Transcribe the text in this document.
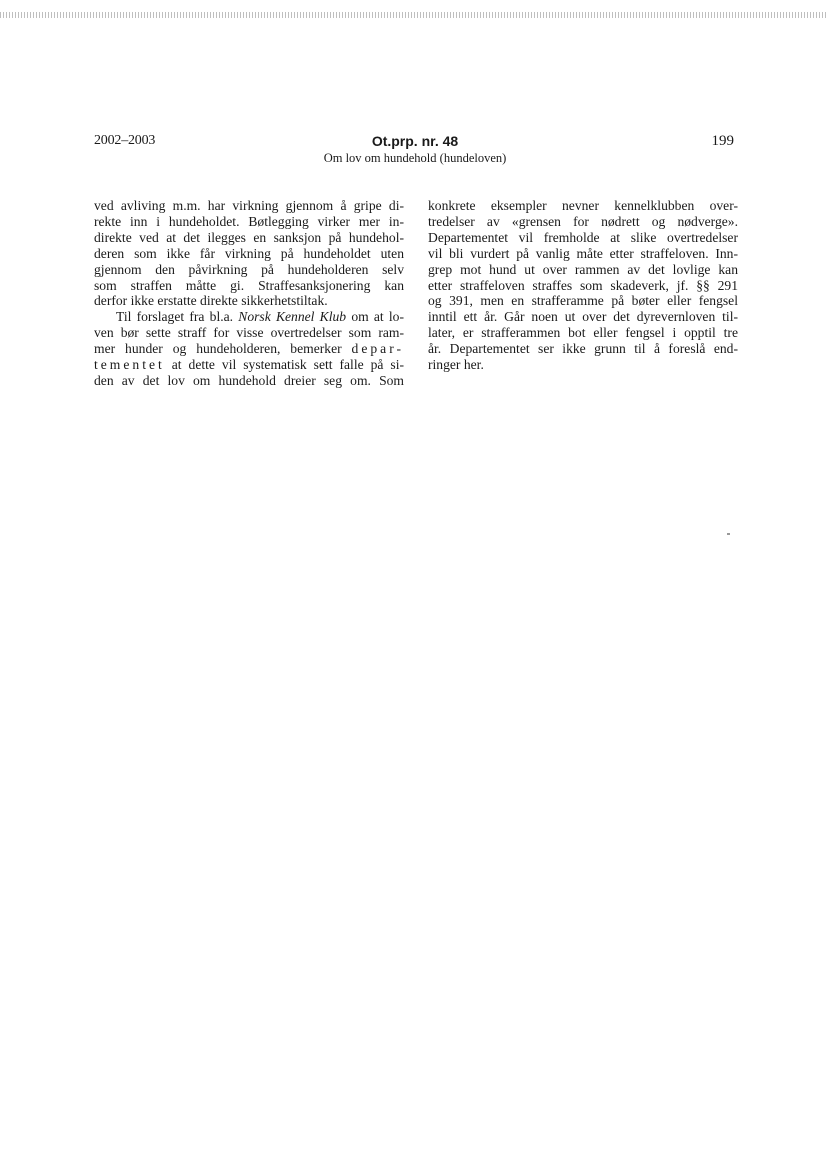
2002–2003	Ot.prp. nr. 48
Om lov om hundehold (hundeloven)
199
ved avliving m.m. har virkning gjennom å gripe di-
rekte inn i hundeholdet. Bøtlegging virker mer in-
direkte ved at det ilegges en sanksjon på hundehol-
deren som ikke får virkning på hundeholdet uten
gjennom den påvirkning på hundeholderen selv
som straffen måtte gi. Straffesanksjonering kan
derfor ikke erstatte direkte sikkerhetstiltak.
Til forslaget fra bl.a. Norsk Kennel Klub om at lo-
ven bør sette straff for visse overtredelser som ram-
mer hunder og hundeholderen, bemerker depar-
tementet at dette vil systematisk sett falle på si-
den av det lov om hundehold dreier seg om. Som
konkrete eksempler nevner kennelklubben over-
tredelser av «grensen for nødrett og nødverge».
Departementet vil fremholde at slike overtredelser
vil bli vurdert på vanlig måte etter straffeloven. Inn-
grep mot hund ut over rammen av det lovlige kan
etter straffeloven straffes som skadeverk, jf. §§ 291
og 391, men en strafferamme på bøter eller fengsel
inntil ett år. Går noen ut over det dyrevernloven til-
later, er strafferammen bot eller fengsel i opptil tre
år. Departementet ser ikke grunn til å foreslå end-
ringer her.
